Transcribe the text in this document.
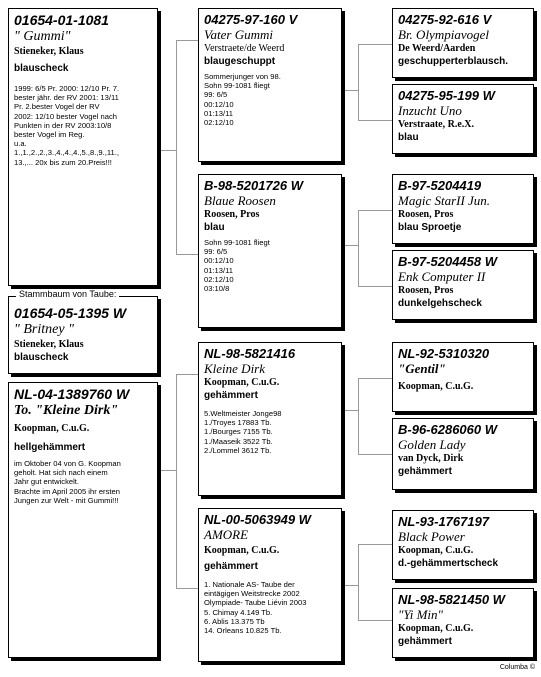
01654-01-1081
" Gummi"
Stieneker, Klaus
blauscheck
1999: 6/5 Pr. 2000: 12/10 Pr. 7.
bester jähr. der RV 2001: 13/11
Pr. 2.bester Vogel der RV
2002: 12/10 bester Vogel nach
Punkten in der RV 2003:10/8
bester Vogel im Reg.
u.a.
1.,1.,2.,2.,3.,4.,4.,4.,5.,8.,9.,11.,
13.,... 20x bis zum 20.Preis!!!
01654-05-1395 W
" Britney "
Stieneker, Klaus
blauscheck
Stammbaum von Taube:
NL-04-1389760 W
To. "Kleine Dirk"
Koopman, C.u.G.
hellgehämmert
im Oktober 04 von G. Koopman
geholt. Hat sich nach einem
Jahr gut entwickelt.
Brachte im April 2005 ihr ersten
Jungen zur Welt - mit Gummi!!!
04275-97-160 V
Vater Gummi
Verstraete/de Weerd
blaugeschuppt
Sommerjunger von 98.
Sohn 99-1081 fliegt
99: 6/5
00:12/10
01:13/11
02:12/10
B-98-5201726 W
Blaue Roosen
Roosen, Pros
blau
Sohn 99-1081 fliegt
99: 6/5
00:12/10
01:13/11
02:12/10
03:10/8
NL-98-5821416
Kleine Dirk
Koopman, C.u.G.
gehämmert
5.Weltmeister Jonge98
1./Troyes 17883 Tb.
1./Bourges 7155 Tb.
1./Maaseik 3522 Tb.
2./Lommel 3612 Tb.
NL-00-5063949 W
AMORE
Koopman, C.u.G.
gehämmert
1. Nationale AS- Taube der
eintägigen Weitstrecke 2002
Olympiade- Taube Liévin 2003
5. Chimay 4.149 Tb.
6. Ablis 13.375 Tb
14. Orleans 10.825 Tb.
04275-92-616 V
Br. Olympiavogel
De Weerd/Aarden
geschupperterblausch.
04275-95-199 W
Inzucht Uno
Verstraate, R.e.X.
blau
B-97-5204419
Magic StarII Jun.
Roosen, Pros
blau Sproetje
B-97-5204458 W
Enk Computer II
Roosen, Pros
dunkelgehscheck
NL-92-5310320
"Gentil"
Koopman, C.u.G.
B-96-6286060 W
Golden Lady
van Dyck, Dirk
gehämmert
NL-93-1767197
Black Power
Koopman, C.u.G.
d.-gehämmertscheck
NL-98-5821450 W
"Yi Min"
Koopman, C.u.G.
gehämmert
Columba ©
